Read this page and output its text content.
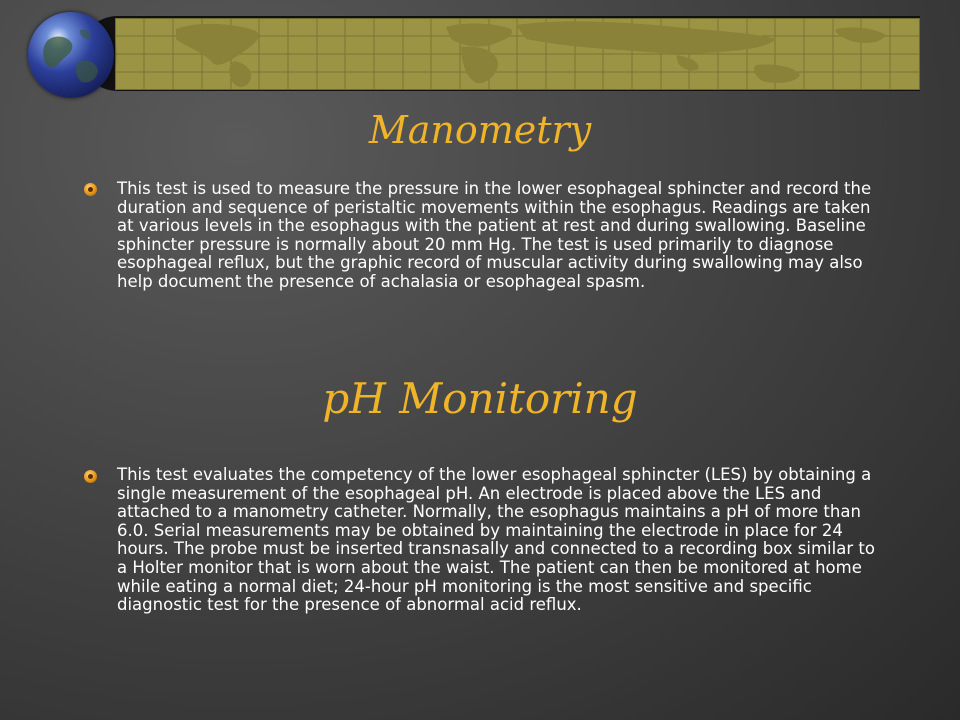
Manometry

This test is used to measure the pressure in the lower esophageal sphincter and record the duration and sequence of peristaltic movements within the esophagus. Readings are taken at various levels in the esophagus with the patient at rest and during swallowing. Baseline sphincter pressure is normally about 20 mm Hg. The test is used primarily to diagnose esophageal reflux, but the graphic record of muscular activity during swallowing may also help document the presence of achalasia or esophageal spasm.

pH Monitoring

This test evaluates the competency of the lower esophageal sphincter (LES) by obtaining a single measurement of the esophageal pH. An electrode is placed above the LES and attached to a manometry catheter. Normally, the esophagus maintains a pH of more than 6.0. Serial measurements may be obtained by maintaining the electrode in place for 24 hours. The probe must be inserted transnasally and connected to a recording box similar to a Holter monitor that is worn about the waist. The patient can then be monitored at home while eating a normal diet; 24-hour pH monitoring is the most sensitive and specific diagnostic test for the presence of abnormal acid reflux.
